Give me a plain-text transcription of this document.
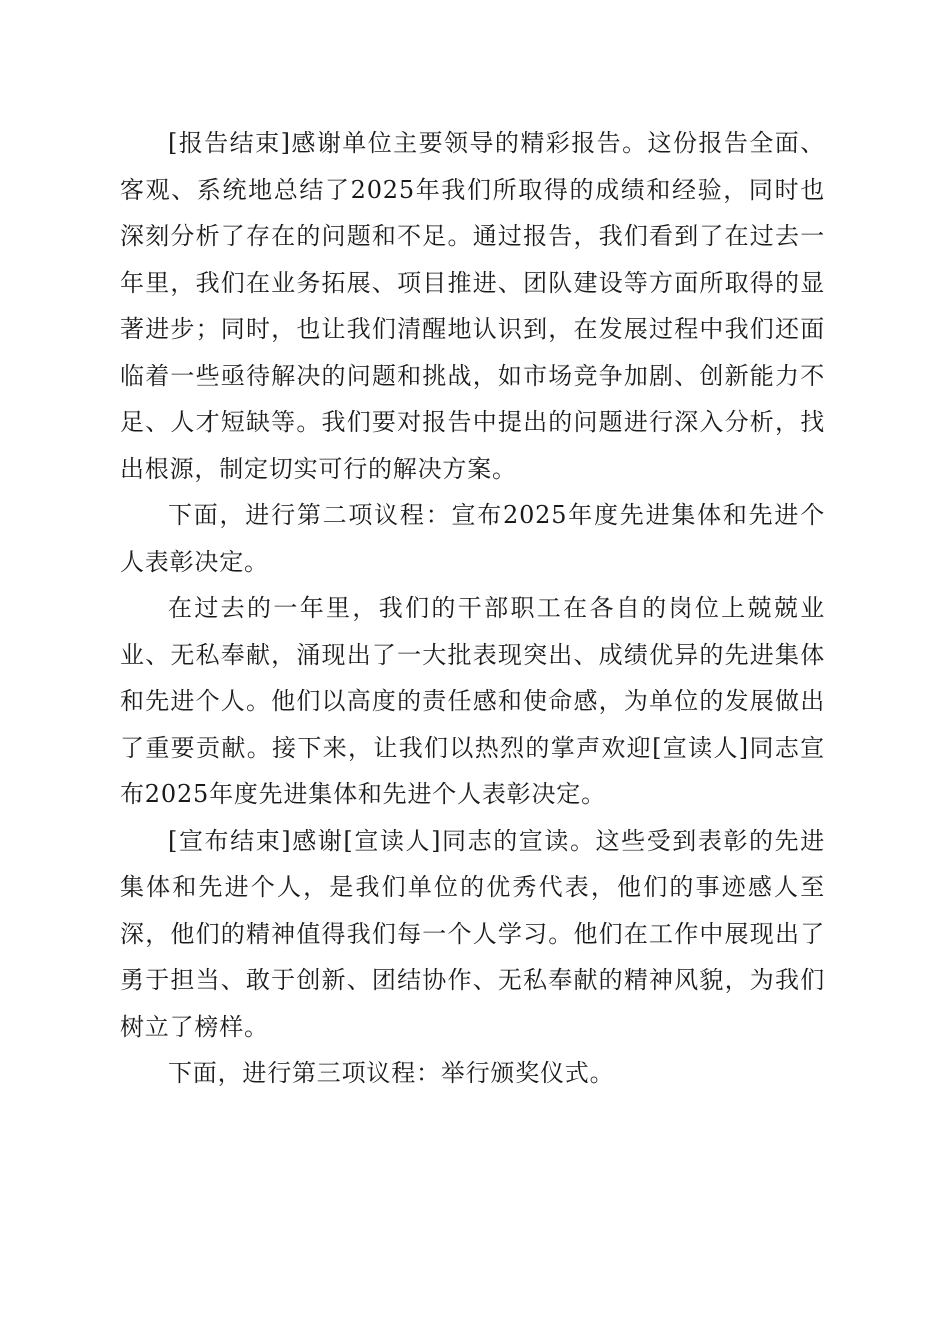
[报告结束]感谢单位主要领导的精彩报告。这份报告全面、客观、系统地总结了2025年我们所取得的成绩和经验，同时也深刻分析了存在的问题和不足。通过报告，我们看到了在过去一年里，我们在业务拓展、项目推进、团队建设等方面所取得的显著进步；同时，也让我们清醒地认识到，在发展过程中我们还面临着一些亟待解决的问题和挑战，如市场竞争加剧、创新能力不足、人才短缺等。我们要对报告中提出的问题进行深入分析，找出根源，制定切实可行的解决方案。

下面，进行第二项议程：宣布2025年度先进集体和先进个人表彰决定。

在过去的一年里，我们的干部职工在各自的岗位上兢兢业业、无私奉献，涌现出了一大批表现突出、成绩优异的先进集体和先进个人。他们以高度的责任感和使命感，为单位的发展做出了重要贡献。接下来，让我们以热烈的掌声欢迎[宣读人]同志宣布2025年度先进集体和先进个人表彰决定。

[宣布结束]感谢[宣读人]同志的宣读。这些受到表彰的先进集体和先进个人，是我们单位的优秀代表，他们的事迹感人至深，他们的精神值得我们每一个人学习。他们在工作中展现出了勇于担当、敢于创新、团结协作、无私奉献的精神风貌，为我们树立了榜样。

下面，进行第三项议程：举行颁奖仪式。
